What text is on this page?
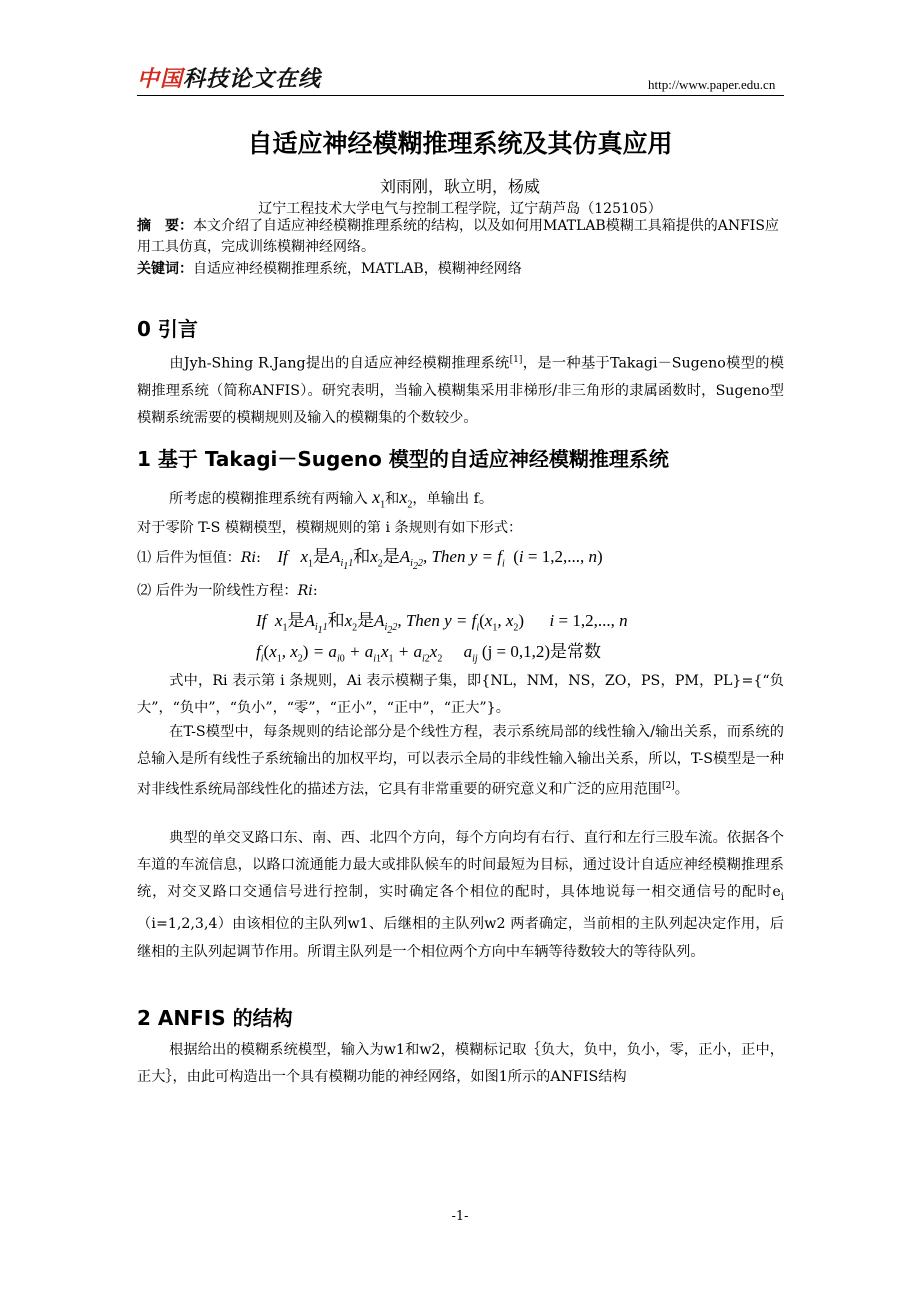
中国科技论文在线	http://www.paper.edu.cn
自适应神经模糊推理系统及其仿真应用
刘雨刚，耿立明，杨威
辽宁工程技术大学电气与控制工程学院，辽宁葫芦岛（125105）
摘　要：本文介绍了自适应神经模糊推理系统的结构，以及如何用MATLAB模糊工具箱提供的ANFIS应用工具仿真，完成训练模糊神经网络。
关键词：自适应神经模糊推理系统，MATLAB，模糊神经网络
0 引言
由Jyh-Shing R.Jang提出的自适应神经模糊推理系统[1]，是一种基于Takagi－Sugeno模型的模糊推理系统（简称ANFIS）。研究表明，当输入模糊集采用非梯形/非三角形的隶属函数时，Sugeno型模糊系统需要的模糊规则及输入的模糊集的个数较少。
1 基于 Takagi－Sugeno 模型的自适应神经模糊推理系统
所考虑的模糊推理系统有两输入 $x_1$和$x_2$，单输出 f。
对于零阶 T-S 模糊模型，模糊规则的第 i 条规则有如下形式：
⑴ 后件为恒值：Ri: If   $x_1$是$A_{i_11}$和$x_2$是$A_{i_22}$, Then $y = f_i$ (i = 1,2,..., n)
⑵ 后件为一阶线性方程：Ri:
If  $x_1$是$A_{i_11}$和$x_2$是$A_{i_22}$, Then $y = f_i(x_1$, $x_2$)      i = 1,2,..., n
$f_i(x_1$, $x_2) = a_{i0} + a_{i1}x_1 + a_{i2}x_2$     $a_{ij}$ (j = 0,1,2)是常数
式中，Ri 表示第 i 条规则，Ai 表示模糊子集，即{NL，NM，NS，ZO，PS，PM，PL}={“负大”，“负中”，“负小”，“零”，“正小”，“正中”，“正大”}。
在T-S模型中，每条规则的结论部分是个线性方程，表示系统局部的线性输入/输出关系，而系统的总输入是所有线性子系统输出的加权平均，可以表示全局的非线性输入输出关系，所以，T-S模型是一种对非线性系统局部线性化的描述方法，它具有非常重要的研究意义和广泛的应用范围[2]。
典型的单交叉路口东、南、西、北四个方向，每个方向均有右行、直行和左行三股车流。依据各个车道的车流信息，以路口流通能力最大或排队候车的时间最短为目标，通过设计自适应神经模糊推理系统，对交叉路口交通信号进行控制，实时确定各个相位的配时，具体地说每一相交通信号的配时$e_i(i=1,2,3,4)$由该相位的主队列w1、后继相的主队列w2 两者确定，当前相的主队列起决定作用，后继相的主队列起调节作用。所谓主队列是一个相位两个方向中车辆等待数较大的等待队列。
2 ANFIS 的结构
根据给出的模糊系统模型，输入为w1和w2，模糊标记取｛负大，负中，负小，零，正小，正中，正大｝，由此可构造出一个具有模糊功能的神经网络，如图1所示的ANFIS结构
-1-
